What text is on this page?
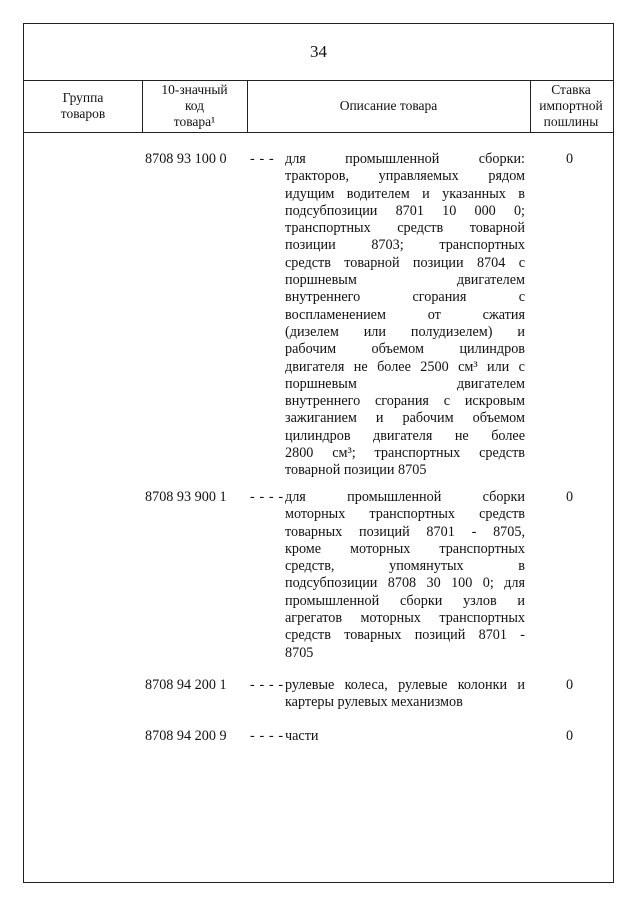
34
Группа
товаров
10-значный
код
товара¹
Описание товара
Ставка
импортной
пошлины
8708 93 100 0 - - - для промышленной сборки:
тракторов, управляемых рядом
идущим водителем и указанных в
подсубпозиции 8701 10 000 0;
транспортных средств товарной
позиции 8703; транспортных
средств товарной позиции 8704 с
поршневым двигателем
внутреннего сгорания с
воспламенением от сжатия
(дизелем или полудизелем) и
рабочим объемом цилиндров
двигателя не более 2500 см³ или с
поршневым двигателем
внутреннего сгорания с искровым
зажиганием и рабочим объемом
цилиндров двигателя не более
2800 см³; транспортных средств
товарной позиции 8705
0
8708 93 900 1 - - - - для промышленной сборки
моторных транспортных средств
товарных позиций 8701 - 8705,
кроме моторных транспортных
средств, упомянутых в
подсубпозиции 8708 30 100 0; для
промышленной сборки узлов и
агрегатов моторных транспортных
средств товарных позиций 8701 -
8705
0
8708 94 200 1 - - - - рулевые колеса, рулевые колонки и
картеры рулевых механизмов
0
8708 94 200 9 - - - - части	0
